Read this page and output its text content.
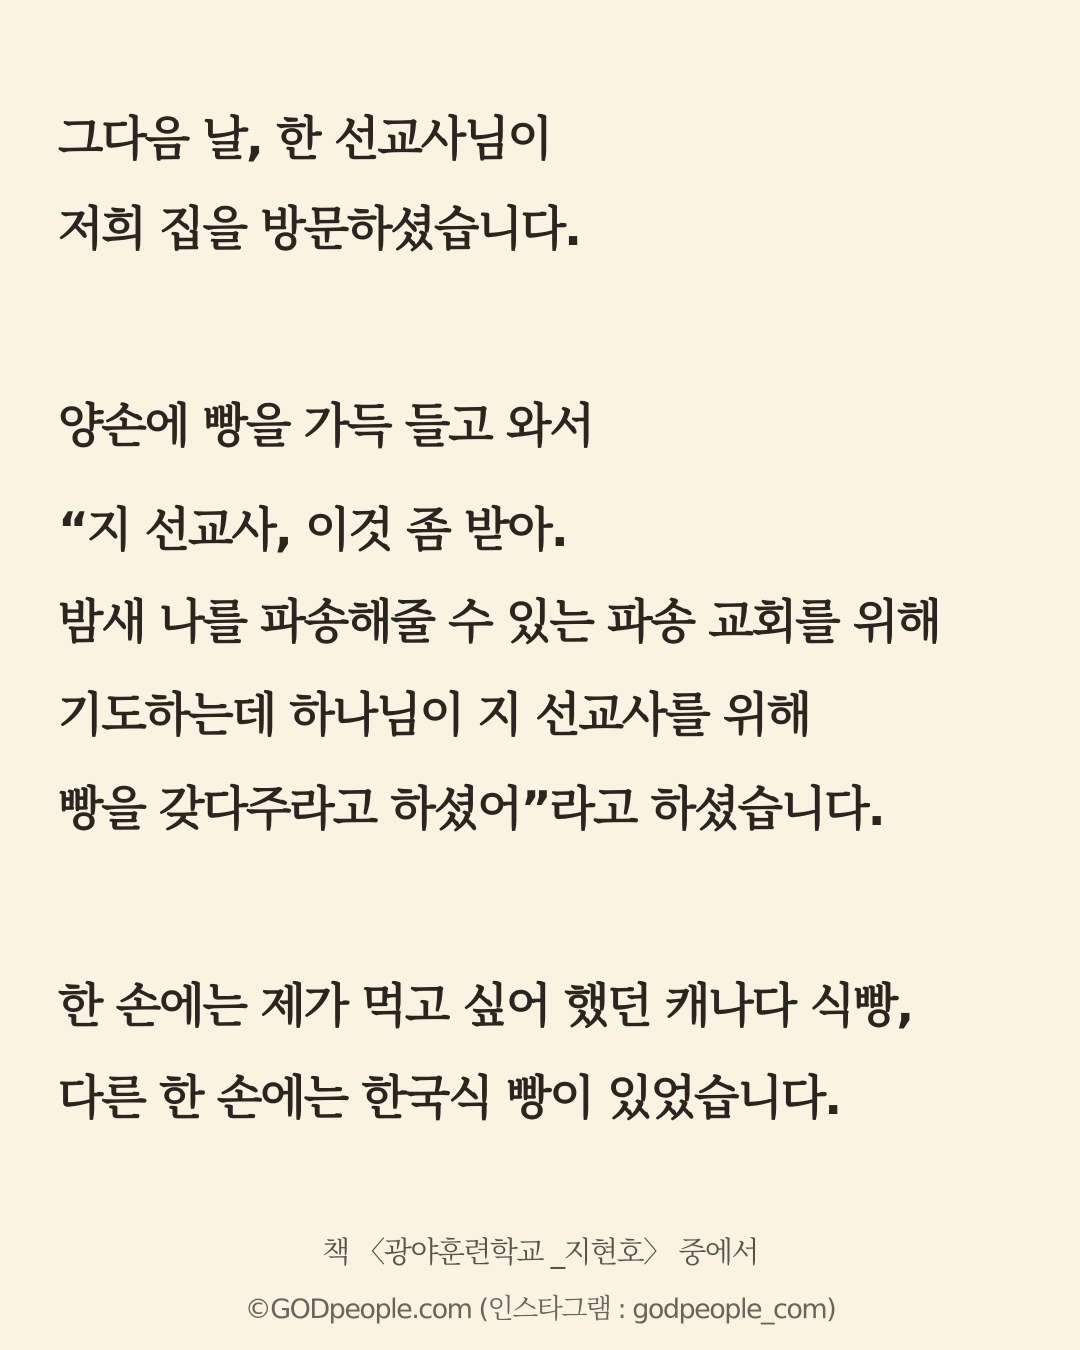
그다음 날, 한 선교사님이
저희 집을 방문하셨습니다.
양손에 빵을 가득 들고 와서
“지 선교사, 이것 좀 받아.
밤새 나를 파송해줄 수 있는 파송 교회를 위해
기도하는데 하나님이 지 선교사를 위해
빵을 갖다주라고 하셨어”라고 하셨습니다.
한 손에는 제가 먹고 싶어 했던 캐나다 식빵,
다른 한 손에는 한국식 빵이 있었습니다.
책 〈광야훈련학교 _지현호〉 중에서
©GODpeople.com (인스타그램 : godpeople_com)
